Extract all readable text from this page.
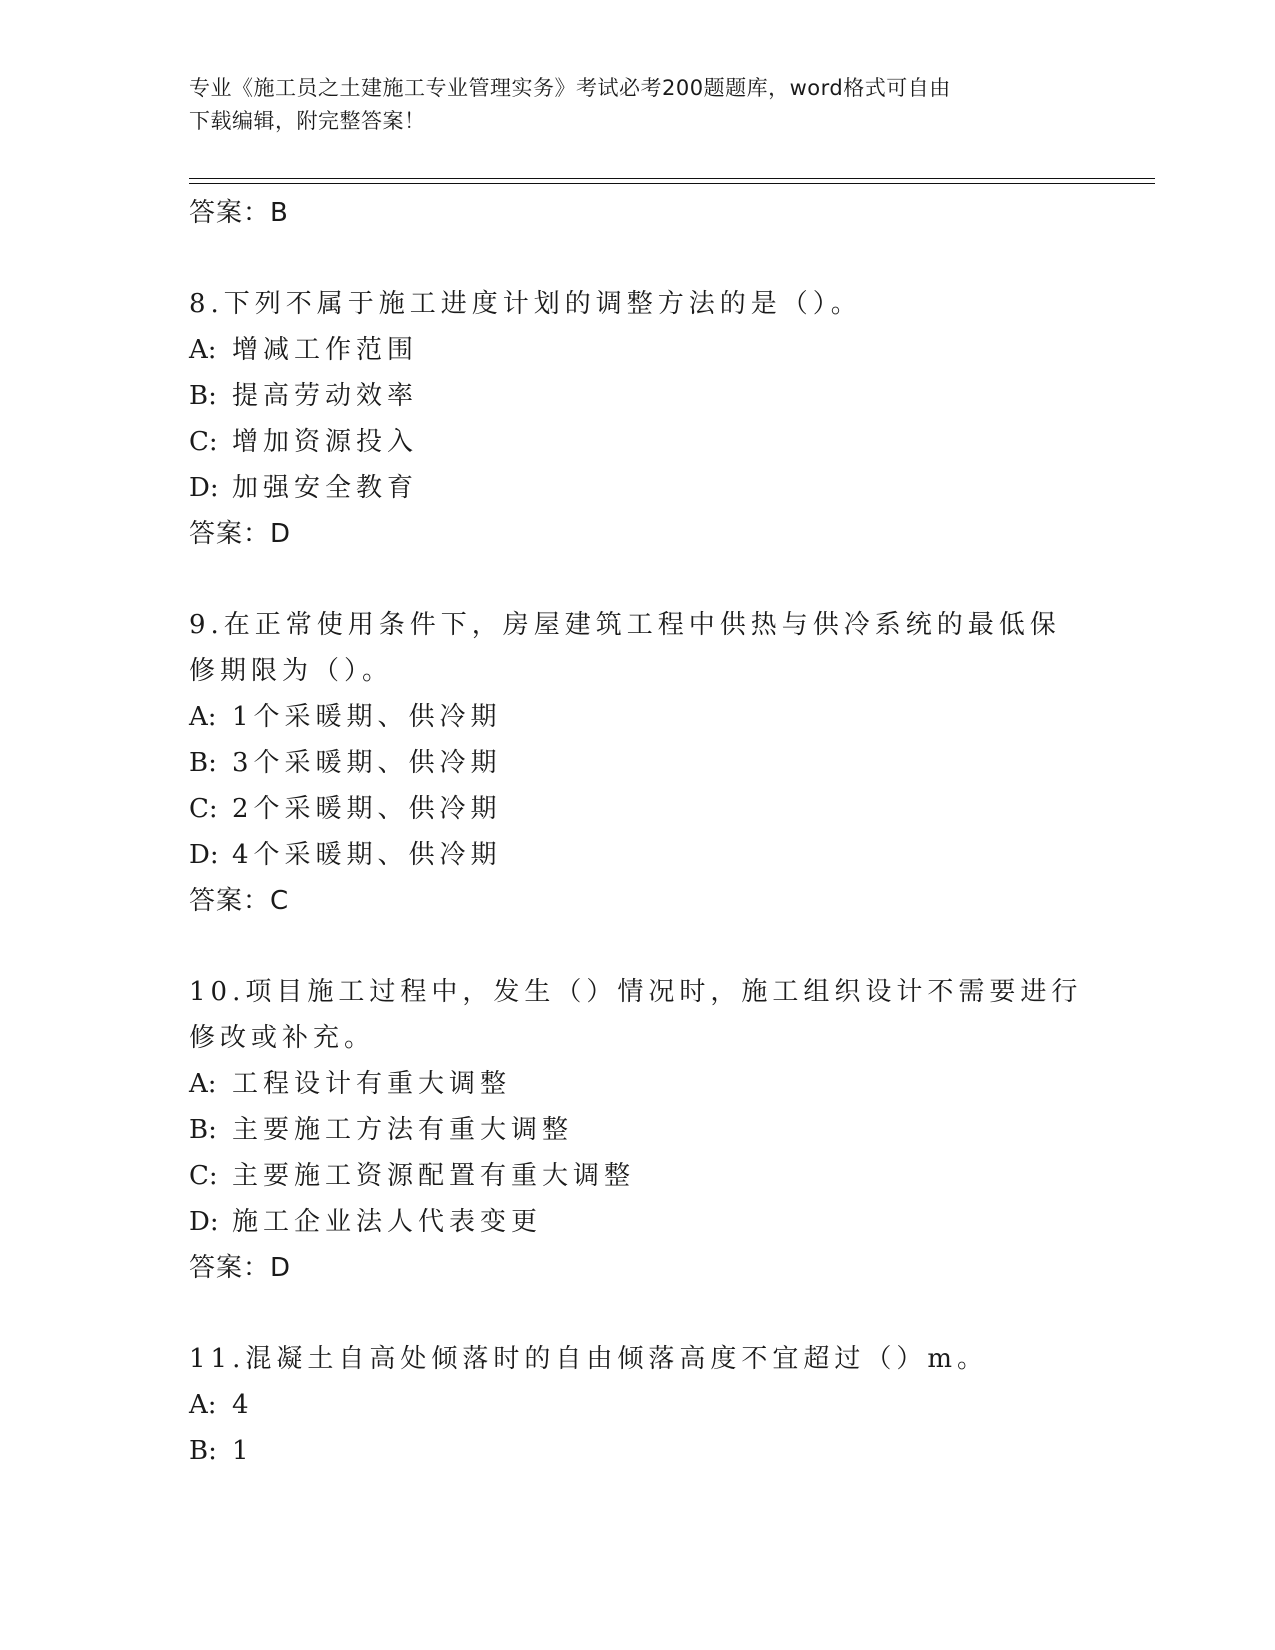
专业《施工员之土建施工专业管理实务》考试必考200题题库，word格式可自由
下载编辑，附完整答案！
答案：B
8.下列不属于施工进度计划的调整方法的是（）。
A: 增减工作范围
B: 提高劳动效率
C: 增加资源投入
D: 加强安全教育
答案：D
9.在正常使用条件下，房屋建筑工程中供热与供冷系统的最低保修期限为（）。
A: 1个采暖期、供冷期
B: 3个采暖期、供冷期
C: 2个采暖期、供冷期
D: 4个采暖期、供冷期
答案：C
10.项目施工过程中，发生（）情况时，施工组织设计不需要进行修改或补充。
A: 工程设计有重大调整
B: 主要施工方法有重大调整
C: 主要施工资源配置有重大调整
D: 施工企业法人代表变更
答案：D
11.混凝土自高处倾落时的自由倾落高度不宜超过（）m。
A: 4
B: 1
